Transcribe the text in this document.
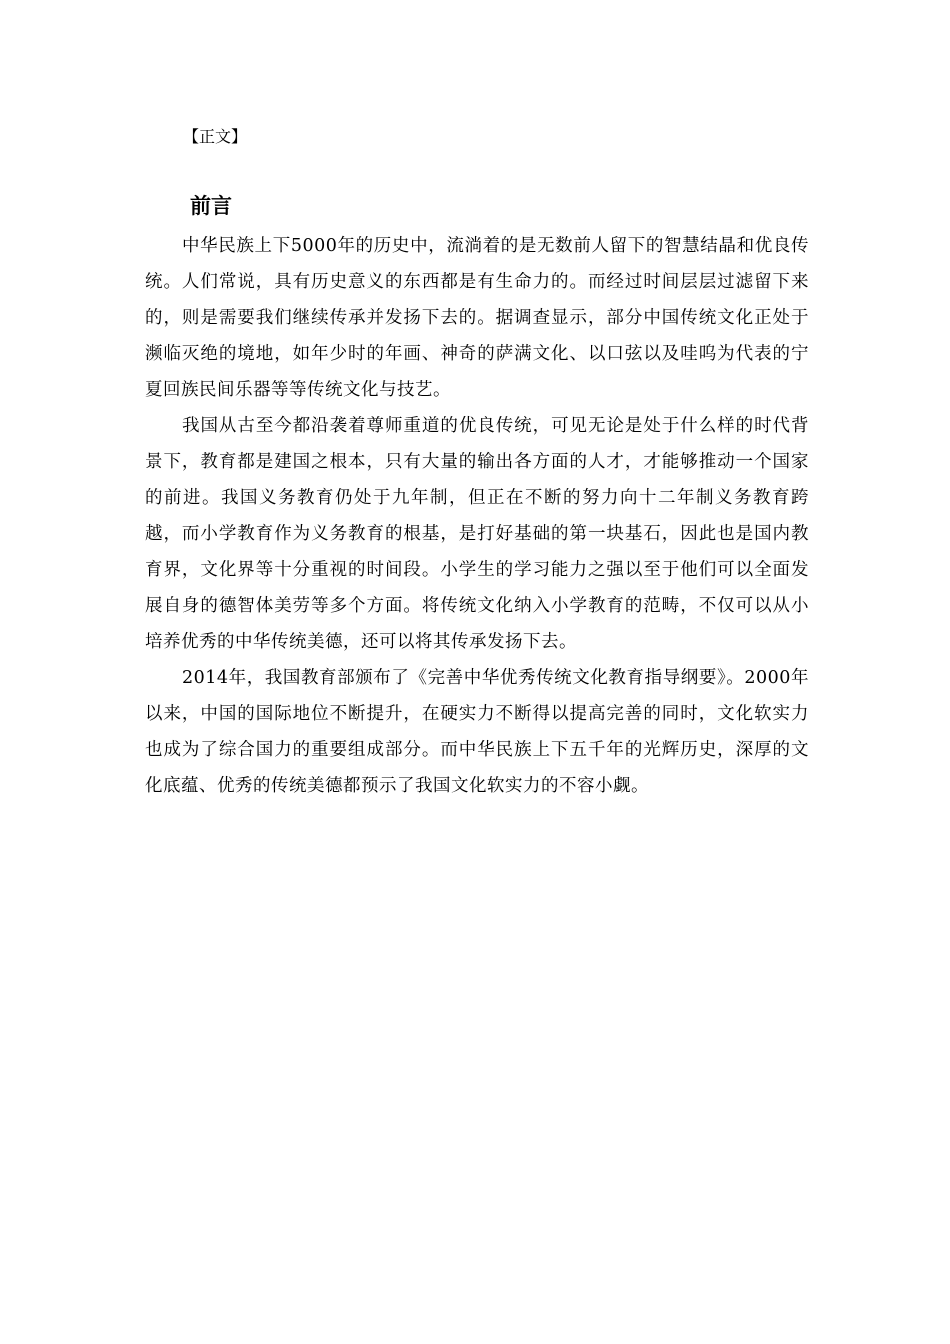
【正文】
前言

中华民族上下5000年的历史中，流淌着的是无数前人留下的智慧结晶和优良传统。人们常说，具有历史意义的东西都是有生命力的。而经过时间层层过滤留下来的，则是需要我们继续传承并发扬下去的。据调查显示，部分中国传统文化正处于濒临灭绝的境地，如年少时的年画、神奇的萨满文化、以口弦以及哇呜为代表的宁夏回族民间乐器等等传统文化与技艺。

我国从古至今都沿袭着尊师重道的优良传统，可见无论是处于什么样的时代背景下，教育都是建国之根本，只有大量的输出各方面的人才，才能够推动一个国家的前进。我国义务教育仍处于九年制，但正在不断的努力向十二年制义务教育跨越，而小学教育作为义务教育的根基，是打好基础的第一块基石，因此也是国内教育界，文化界等十分重视的时间段。小学生的学习能力之强以至于他们可以全面发展自身的德智体美劳等多个方面。将传统文化纳入小学教育的范畴，不仅可以从小培养优秀的中华传统美德，还可以将其传承发扬下去。

2014年，我国教育部颁布了《完善中华优秀传统文化教育指导纲要》。2000年以来，中国的国际地位不断提升，在硬实力不断得以提高完善的同时，文化软实力也成为了综合国力的重要组成部分。而中华民族上下五千年的光辉历史，深厚的文化底蕴、优秀的传统美德都预示了我国文化软实力的不容小觑。
